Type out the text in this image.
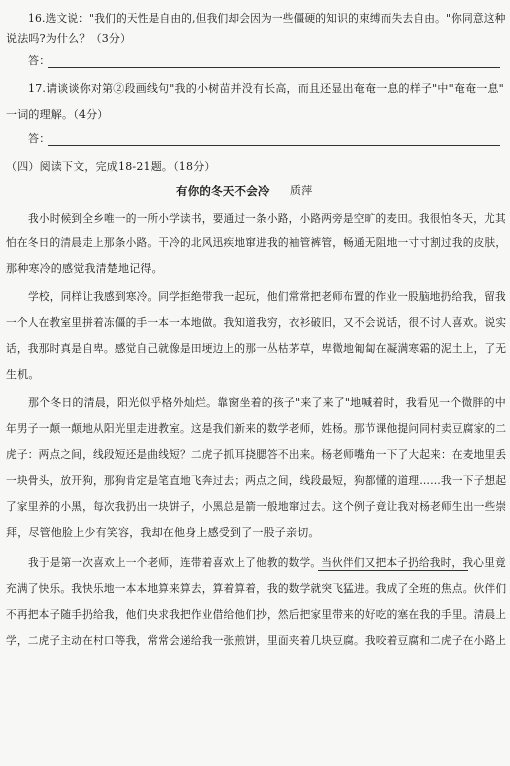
16.选文说："我们的天性是自由的,但我们却会因为一些僵硬的知识的束缚而失去自由。"你同意这种
说法吗?为什么？（3分）
答：
17.请谈谈你对第②段画线句"我的小树苗并没有长高，而且还显出奄奄一息的样子"中"奄奄一息"
一词的理解。（4分）
答：
（四）阅读下文，完成18-21题。（18分）
有你的冬天不会冷 质萍
我小时候到全乡唯一的一所小学读书，要通过一条小路，小路两旁是空旷的麦田。我很怕冬天，尤其
怕在冬日的清晨走上那条小路。干冷的北风迅疾地窜进我的袖管裤管，畅通无阻地一寸寸割过我的皮肤，
那种寒冷的感觉我清楚地记得。
学校，同样让我感到寒冷。同学拒绝带我一起玩，他们常常把老师布置的作业一股脑地扔给我，留我
一个人在教室里拼着冻僵的手一本一本地做。我知道我穷，衣衫破旧，又不会说话，很不讨人喜欢。说实
话，我那时真是自卑。感觉自己就像是田埂边上的那一丛枯茅草，卑微地匍匐在凝满寒霜的泥土上，了无
生机。
那个冬日的清晨，阳光似乎格外灿烂。靠窗坐着的孩子"来了来了"地喊着时，我看见一个微胖的中
年男子一颠一颠地从阳光里走进教室。这是我们新来的数学老师，姓杨。那节课他提问同村卖豆腐家的二
虎子：两点之间，线段短还是曲线短？二虎子抓耳挠腮答不出来。杨老师嘴角一下了大起来：在麦地里丢
一块骨头，放开狗，那狗肯定是笔直地飞奔过去；两点之间，线段最短，狗都懂的道理……我一下子想起
了家里养的小黑，每次我扔出一块饼子，小黑总是箭一般地窜过去。这个例子竟让我对杨老师生出一些崇
拜，尽管他脸上少有笑容，我却在他身上感受到了一股子亲切。
我于是第一次喜欢上一个老师，连带着喜欢上了他教的数学。当伙伴们又把本子扔给我时，我心里竟
充满了快乐。我快乐地一本本地算来算去，算着算着，我的数学就突飞猛进。我成了全班的焦点。伙伴们
不再把本子随手扔给我，他们央求我把作业借给他们抄，然后把家里带来的好吃的塞在我的手里。清晨上
学，二虎子主动在村口等我，常常会递给我一张煎饼，里面夹着几块豆腐。我咬着豆腐和二虎子在小路上
